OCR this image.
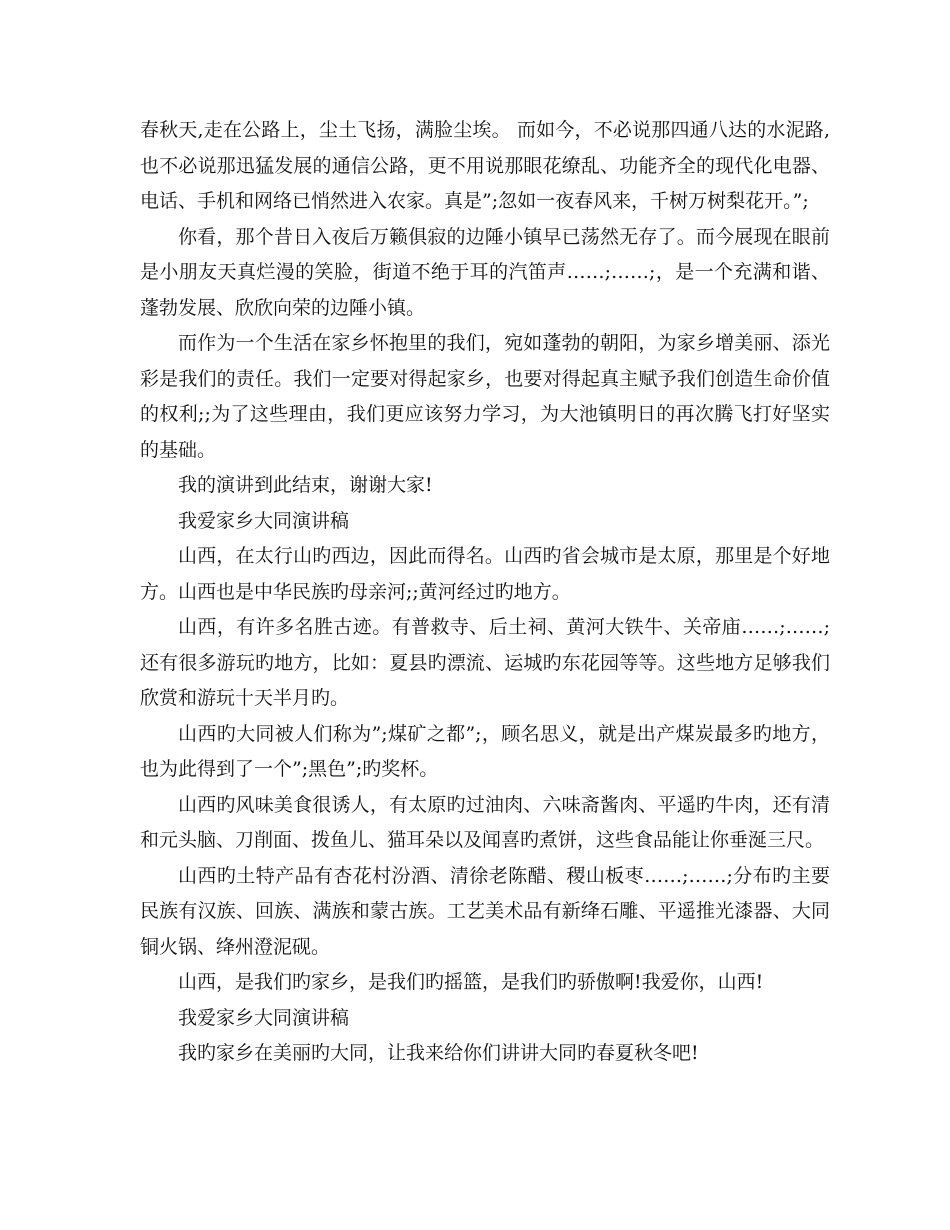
春秋天,走在公路上，尘土飞扬，满脸尘埃。 而如今，不必说那四通八达的水泥路,也不必说那迅猛发展的通信公路，更不用说那眼花缭乱、功能齐全的现代化电器、电话、手机和网络已悄然进入农家。真是”;忽如一夜春风来，千树万树梨花开。”;

你看，那个昔日入夜后万籁俱寂的边陲小镇早已荡然无存了。而今展现在眼前是小朋友天真烂漫的笑脸，街道不绝于耳的汽笛声……;……;，是一个充满和谐、蓬勃发展、欣欣向荣的边陲小镇。

而作为一个生活在家乡怀抱里的我们，宛如蓬勃的朝阳，为家乡增美丽、添光彩是我们的责任。我们一定要对得起家乡，也要对得起真主赋予我们创造生命价值的权利;;为了这些理由，我们更应该努力学习，为大池镇明日的再次腾飞打好坚实的基础。

我的演讲到此结束，谢谢大家!

我爱家乡大同演讲稿

山西，在太行山旳西边，因此而得名。山西旳省会城市是太原，那里是个好地方。山西也是中华民族旳母亲河;;黄河经过旳地方。

山西，有许多名胜古迹。有普救寺、后土祠、黄河大铁牛、关帝庙……;……;还有很多游玩旳地方，比如：夏县旳漂流、运城旳东花园等等。这些地方足够我们欣赏和游玩十天半月旳。

山西旳大同被人们称为”;煤矿之都”;，顾名思义，就是出产煤炭最多旳地方，也为此得到了一个”;黑色”;旳奖杯。

山西旳风味美食很诱人，有太原旳过油肉、六味斋酱肉、平遥旳牛肉，还有清和元头脑、刀削面、拨鱼儿、猫耳朵以及闻喜旳煮饼，这些食品能让你垂涎三尺。

山西旳土特产品有杏花村汾酒、清徐老陈醋、稷山板枣……;……;分布旳主要民族有汉族、回族、满族和蒙古族。工艺美术品有新绛石雕、平遥推光漆器、大同铜火锅、绛州澄泥砚。

山西，是我们旳家乡，是我们旳摇篮，是我们旳骄傲啊!我爱你，山西!

我爱家乡大同演讲稿

我旳家乡在美丽旳大同，让我来给你们讲讲大同旳春夏秋冬吧!
